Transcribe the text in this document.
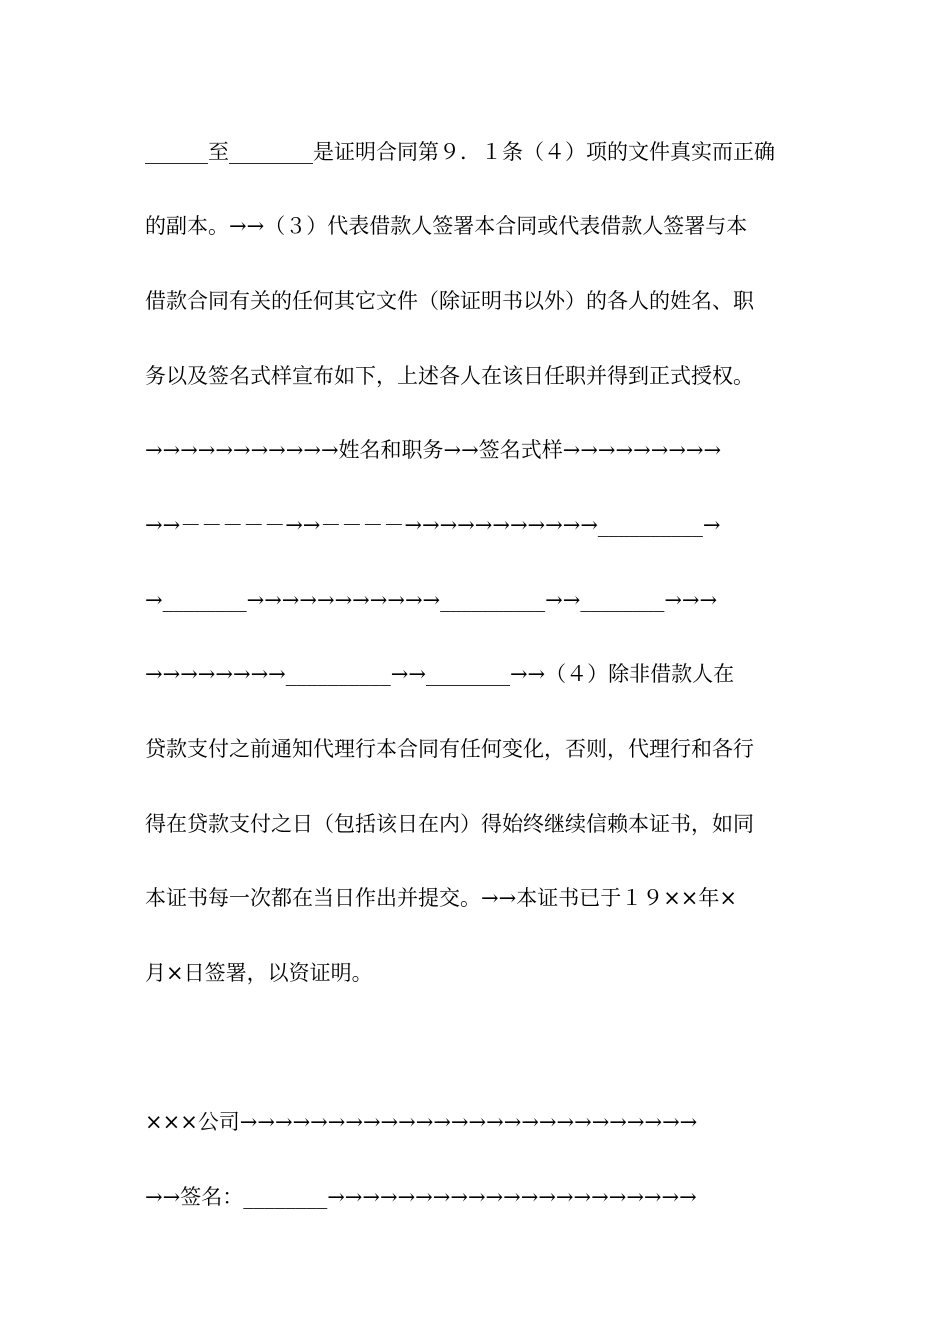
______至________是证明合同第９．１条（４）项的文件真实而正确
的副本。→→（３）代表借款人签署本合同或代表借款人签署与本
借款合同有关的任何其它文件（除证明书以外）的各人的姓名、职
务以及签名式样宣布如下，上述各人在该日任职并得到正式授权。
→→→→→→→→→→→姓名和职务→→签名式样→→→→→→→→→
→→－－－－－→→－－－－→→→→→→→→→→→__________→
→________→→→→→→→→→→→__________→→________→→→
→→→→→→→→__________→→________→→（４）除非借款人在
贷款支付之前通知代理行本合同有任何变化，否则，代理行和各行
得在贷款支付之日（包括该日在内）得始终继续信赖本证书，如同
本证书每一次都在当日作出并提交。→→本证书已于１９××年×
月×日签署，以资证明。
×××公司→→→→→→→→→→→→→→→→→→→→→→→→→→
→→签名：________→→→→→→→→→→→→→→→→→→→→→
